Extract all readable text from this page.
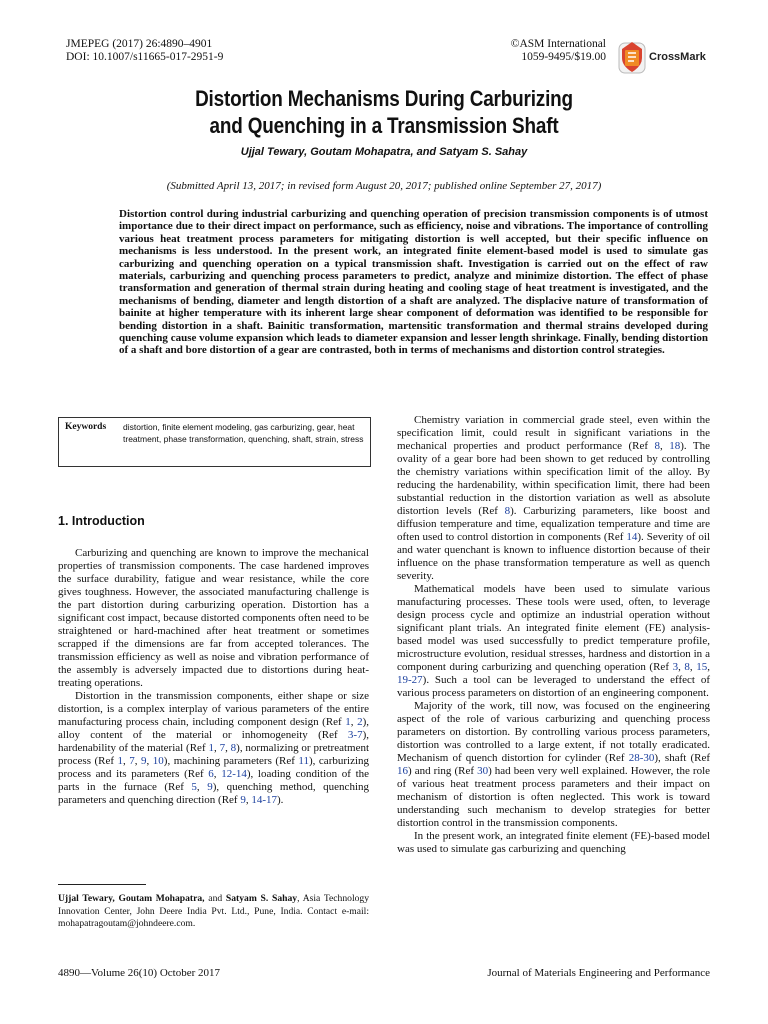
JMEPEG (2017) 26:4890–4901
DOI: 10.1007/s11665-017-2951-9
©ASM International
1059-9495/$19.00	CrossMark
Distortion Mechanisms During Carburizing
and Quenching in a Transmission Shaft
Ujjal Tewary, Goutam Mohapatra, and Satyam S. Sahay
(Submitted April 13, 2017; in revised form August 20, 2017; published online September 27, 2017)

Distortion control during industrial carburizing and quenching operation of precision transmission components is of utmost importance due to their direct impact on performance, such as efficiency, noise and vibrations. The importance of controlling various heat treatment process parameters for mitigating distortion is well accepted, but their specific influence on mechanisms is less understood. In the present work, an integrated finite element-based model is used to simulate gas carburizing and quenching operation on a typical transmission shaft. Investigation is carried out on the effect of raw materials, carburizing and quenching process parameters to predict, analyze and minimize distortion. The effect of phase transformation and generation of thermal strain during heating and cooling stage of heat treatment is investigated, and the mechanisms of bending, diameter and length distortion of a shaft are analyzed. The displacive nature of transformation of bainite at higher temperature with its inherent large shear component of deformation was identified to be responsible for bending distortion in a shaft. Bainitic transformation, martensitic transformation and thermal strains developed during quenching cause volume expansion which leads to diameter expansion and lesser length shrinkage. Finally, bending distortion of a shaft and bore distortion of a gear are contrasted, both in terms of mechanisms and distortion control strategies.

Keywords	distortion, finite element modeling, gas carburizing, gear, heat treatment, phase transformation, quenching, shaft, strain, stress
1. Introduction

Carburizing and quenching are known to improve the mechanical properties of transmission components. The case hardened improves the surface durability, fatigue and wear resistance, while the core gives toughness. However, the associated manufacturing challenge is the part distortion during carburizing operation. Distortion has a significant cost impact, because distorted components often need to be straightened or hard-machined after heat treatment or sometimes scrapped if the dimensions are far from accepted tolerances. The transmission efficiency as well as noise and vibration performance of the assembly is adversely impacted due to distortions during heat-treating operations.

Distortion in the transmission components, either shape or size distortion, is a complex interplay of various parameters of the entire manufacturing process chain, including component design (Ref 1, 2), alloy content of the material or inhomogeneity (Ref 3-7), hardenability of the material (Ref 1, 7, 8), normalizing or pretreatment process (Ref 1, 7, 9, 10), machining parameters (Ref 11), carburizing process and its parameters (Ref 6, 12-14), loading condition of the parts in the furnace (Ref 5, 9), quenching method, quenching parameters and quenching direction (Ref 9, 14-17).

Chemistry variation in commercial grade steel, even within the specification limit, could result in significant variations in the mechanical properties and product performance (Ref 8, 18). The ovality of a gear bore had been shown to get reduced by controlling the chemistry variations within specification limit of the alloy. By reducing the hardenability, within specification limit, there had been substantial reduction in the distortion variation as well as absolute distortion levels (Ref 8). Carburizing parameters, like boost and diffusion temperature and time, equalization temperature and time are often used to control distortion in components (Ref 14). Severity of oil and water quenchant is known to influence distortion because of their influence on the phase transformation temperature as well as quench severity.

Mathematical models have been used to simulate various manufacturing processes. These tools were used, often, to leverage design process cycle and optimize an industrial operation without significant plant trials. An integrated finite element (FE) analysis-based model was used successfully to predict temperature profile, microstructure evolution, residual stresses, hardness and distortion in a component during carburizing and quenching operation (Ref 3, 8, 15, 19-27). Such a tool can be leveraged to understand the effect of various process parameters on distortion of an engineering component.

Majority of the work, till now, was focused on the engineering aspect of the role of various carburizing and quenching process parameters on distortion. By controlling various process parameters, distortion was controlled to a large extent, if not totally eradicated. Mechanism of quench distortion for cylinder (Ref 28-30), shaft (Ref 16) and ring (Ref 30) had been very well explained. However, the role of various heat treatment process parameters and their impact on mechanism of distortion is often neglected. This work is toward understanding such mechanism to develop strategies for better distortion control in the transmission components.

In the present work, an integrated finite element (FE)-based model was used to simulate gas carburizing and quenching

Ujjal Tewary, Goutam Mohapatra, and Satyam S. Sahay, Asia Technology Innovation Center, John Deere India Pvt. Ltd., Pune, India. Contact e-mail: mohapatragoutam@johndeere.com.
4890—Volume 26(10) October 2017	Journal of Materials Engineering and Performance
